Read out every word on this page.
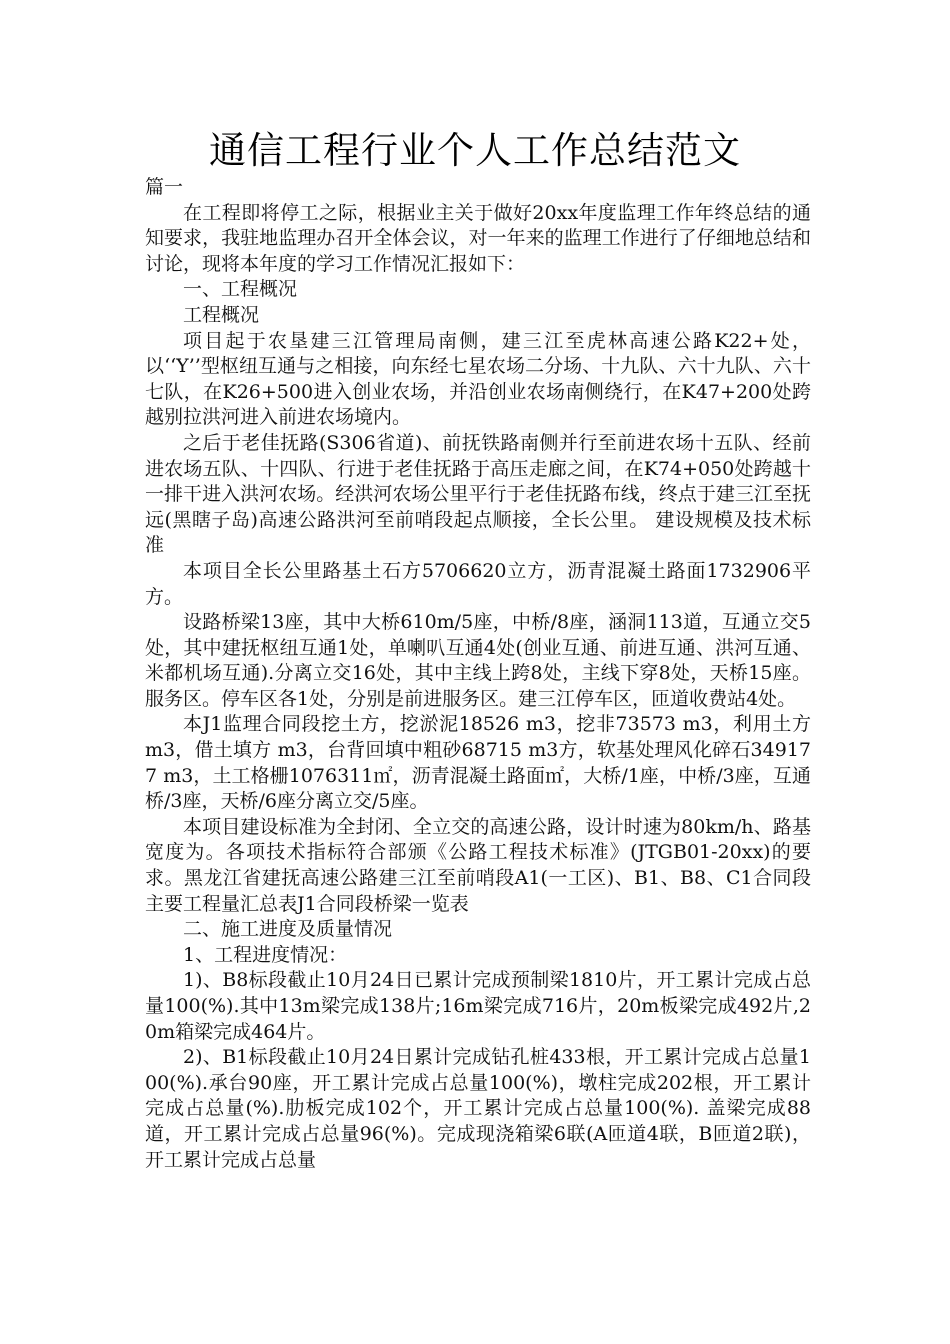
通信工程行业个人工作总结范文

篇一

在工程即将停工之际，根据业主关于做好20xx年度监理工作年终总结的通知要求，我驻地监理办召开全体会议，对一年来的监理工作进行了仔细地总结和讨论，现将本年度的学习工作情况汇报如下：

一、工程概况

工程概况

项目起于农垦建三江管理局南侧，建三江至虎林高速公路K22+处，以‘‘Y’’型枢纽互通与之相接，向东经七星农场二分场、十九队、六十九队、六十七队，在K26+500进入创业农场，并沿创业农场南侧绕行，在K47+200处跨越别拉洪河进入前进农场境内。

之后于老佳抚路(S306省道)、前抚铁路南侧并行至前进农场十五队、经前进农场五队、十四队、行进于老佳抚路于高压走廊之间，在K74+050处跨越十一排干进入洪河农场。经洪河农场公里平行于老佳抚路布线，终点于建三江至抚远(黑瞎子岛)高速公路洪河至前哨段起点顺接，全长公里。 建设规模及技术标准

本项目全长公里路基土石方5706620立方，沥青混凝土路面1732906平方。

设路桥梁13座，其中大桥610m/5座，中桥/8座，涵洞113道，互通立交5处，其中建抚枢纽互通1处，单喇叭互通4处(创业互通、前进互通、洪河互通、米都机场互通).分离立交16处，其中主线上跨8处，主线下穿8处，天桥15座。服务区。停车区各1处，分别是前进服务区。建三江停车区，匝道收费站4处。

本J1监理合同段挖土方，挖淤泥18526 m3，挖非73573 m3，利用土方 m3，借土填方 m3，台背回填中粗砂68715 m3方，软基处理风化碎石349177 m3，土工格栅1076311㎡，沥青混凝土路面㎡，大桥/1座，中桥/3座，互通桥/3座，天桥/6座分离立交/5座。

本项目建设标准为全封闭、全立交的高速公路，设计时速为80km/h、路基宽度为。各项技术指标符合部颁《公路工程技术标准》(JTGB01-20xx)的要求。黑龙江省建抚高速公路建三江至前哨段A1(一工区)、B1、B8、C1合同段主要工程量汇总表J1合同段桥梁一览表

二、施工进度及质量情况

1、工程进度情况：

1)、B8标段截止10月24日已累计完成预制梁1810片，开工累计完成占总量100(%).其中13m梁完成138片;16m梁完成716片，20m板梁完成492片,20m箱梁完成464片。

2)、B1标段截止10月24日累计完成钻孔桩433根，开工累计完成占总量100(%).承台90座，开工累计完成占总量100(%)，墩柱完成202根，开工累计完成占总量(%).肋板完成102个，开工累计完成占总量100(%). 盖梁完成88道，开工累计完成占总量96(%)。完成现浇箱梁6联(A匝道4联，B匝道2联)，开工累计完成占总量
